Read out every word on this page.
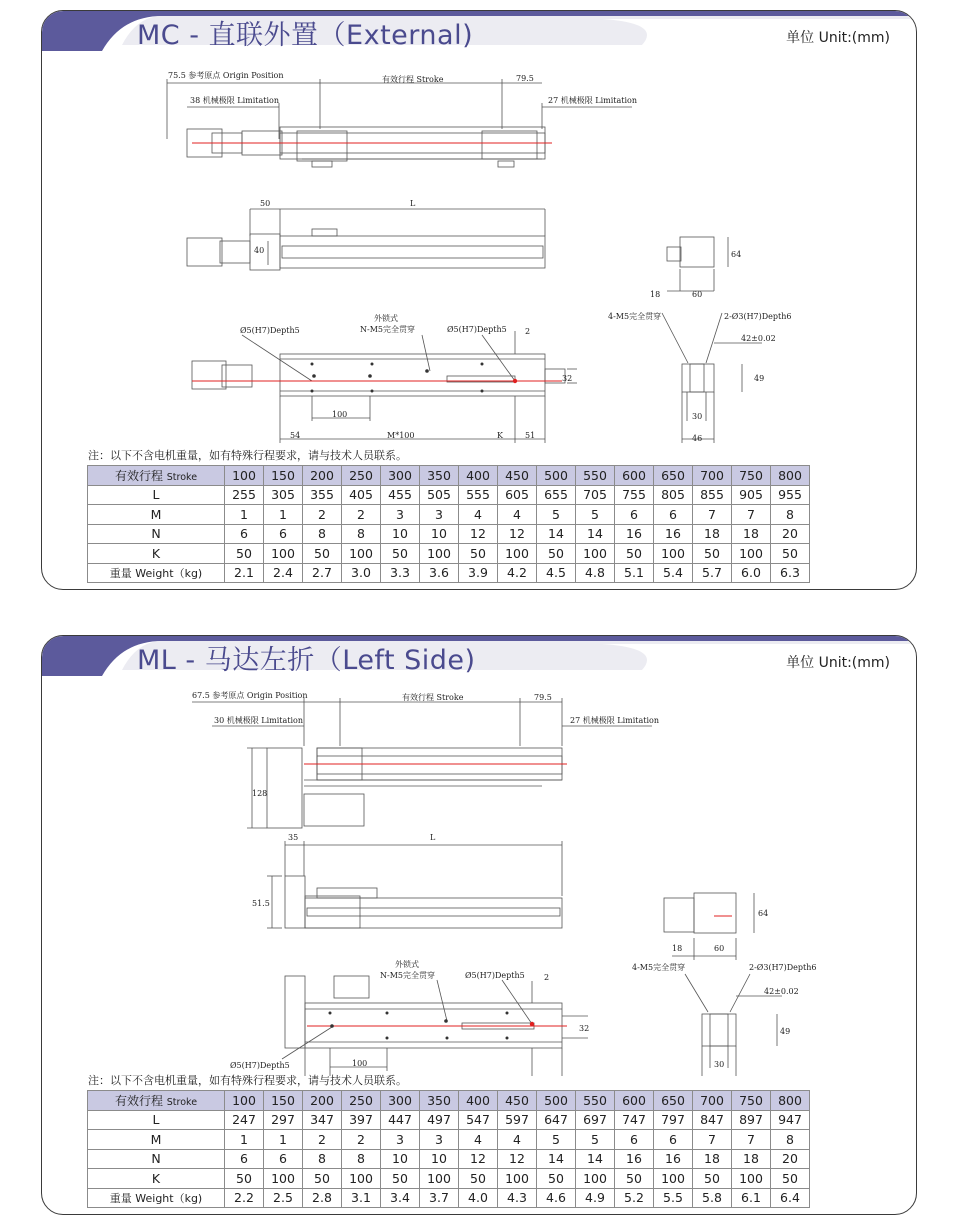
MC - 直联外置（External)	单位 Unit:(mm)
75.5 参考原点 Origin Position	有效行程 Stroke	79.5
38 机械极限 Limitation	27 机械极限 Limitation
50	L
40	64
18	60
Ø5(H7)Depth5
外锁式
N-M5完全贯穿	Ø5(H7)Depth5 2
32
100
54	M*100	K	51
4-M5完全贯穿	2-Ø3(H7)Depth6
42±0.02
49
30
46
注：以下不含电机重量，如有特殊行程要求，请与技术人员联系。
有效行程 Stroke	100	150	200	250	300	350	400	450	500	550	600	650	700	750	800
L	255	305	355	405	455	505	555	605	655	705	755	805	855	905	955
M	1	1	2	2	3	3	4	4	5	5	6	6	7	7	8
N	6	6	8	8	10	10	12	12	14	14	16	16	18	18	20
K	50	100	50	100	50	100	50	100	50	100	50	100	50	100	50
重量 Weight（kg)	2.1	2.4	2.7	3.0	3.3	3.6	3.9	4.2	4.5	4.8	5.1	5.4	5.7	6.0	6.3
ML - 马达左折（Left Side)	单位 Unit:(mm)
67.5 参考原点 Origin Position	有效行程 Stroke	79.5
30 机械极限 Limitation	27 机械极限 Limitation
128
35	L
51.5
64
18	60
外锁式
N-M5完全贯穿	Ø5(H7)Depth5 2
32
Ø5(H7)Depth5	100
4-M5完全贯穿	2-Ø3(H7)Depth6
42±0.02
49
30
注：以下不含电机重量，如有特殊行程要求，请与技术人员联系。
有效行程 Stroke	100	150	200	250	300	350	400	450	500	550	600	650	700	750	800
L	247	297	347	397	447	497	547	597	647	697	747	797	847	897	947
M	1	1	2	2	3	3	4	4	5	5	6	6	7	7	8
N	6	6	8	8	10	10	12	12	14	14	16	16	18	18	20
K	50	100	50	100	50	100	50	100	50	100	50	100	50	100	50
重量 Weight（kg)	2.2	2.5	2.8	3.1	3.4	3.7	4.0	4.3	4.6	4.9	5.2	5.5	5.8	6.1	6.4
